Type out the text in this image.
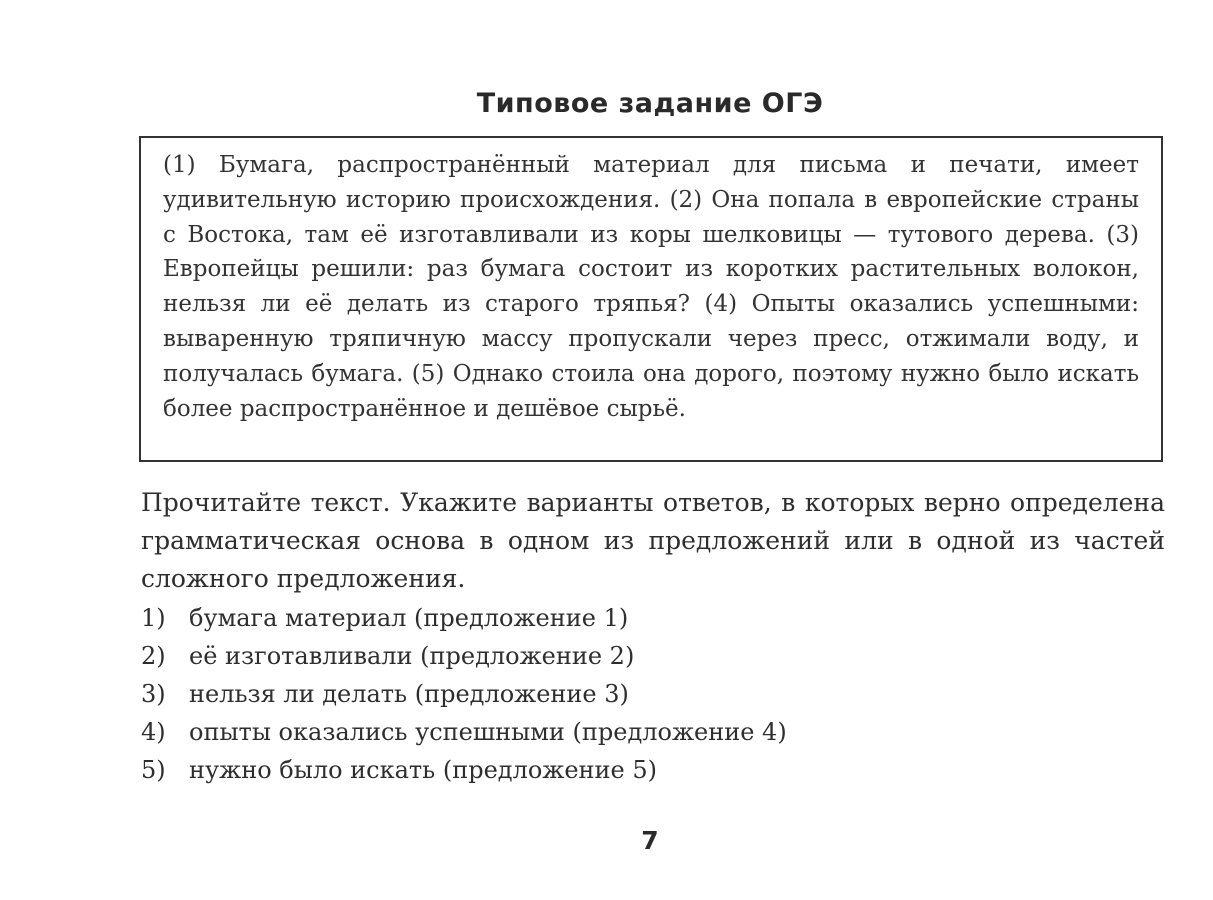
Типовое задание ОГЭ
(1) Бумага, распространённый материал для письма и печати, имеет удивительную историю происхождения. (2) Она попала в европейские страны с Востока, там её изготавливали из коры шелковицы — тутового дерева. (3) Европейцы решили: раз бумага состоит из коротких растительных волокон, нельзя ли её делать из старого тряпья? (4) Опыты оказались успешными: вываренную тряпичную массу пропускали через пресс, отжимали воду, и получалась бумага. (5) Однако стоила она дорого, поэтому нужно было искать более распространённое и дешёвое сырьё.
Прочитайте текст. Укажите варианты ответов, в которых верно определена грамматическая основа в одном из предложений или в одной из частей сложного предложения.
1) бумага материал (предложение 1)
2) её изготавливали (предложение 2)
3) нельзя ли делать (предложение 3)
4) опыты оказались успешными (предложение 4)
5) нужно было искать (предложение 5)
7
